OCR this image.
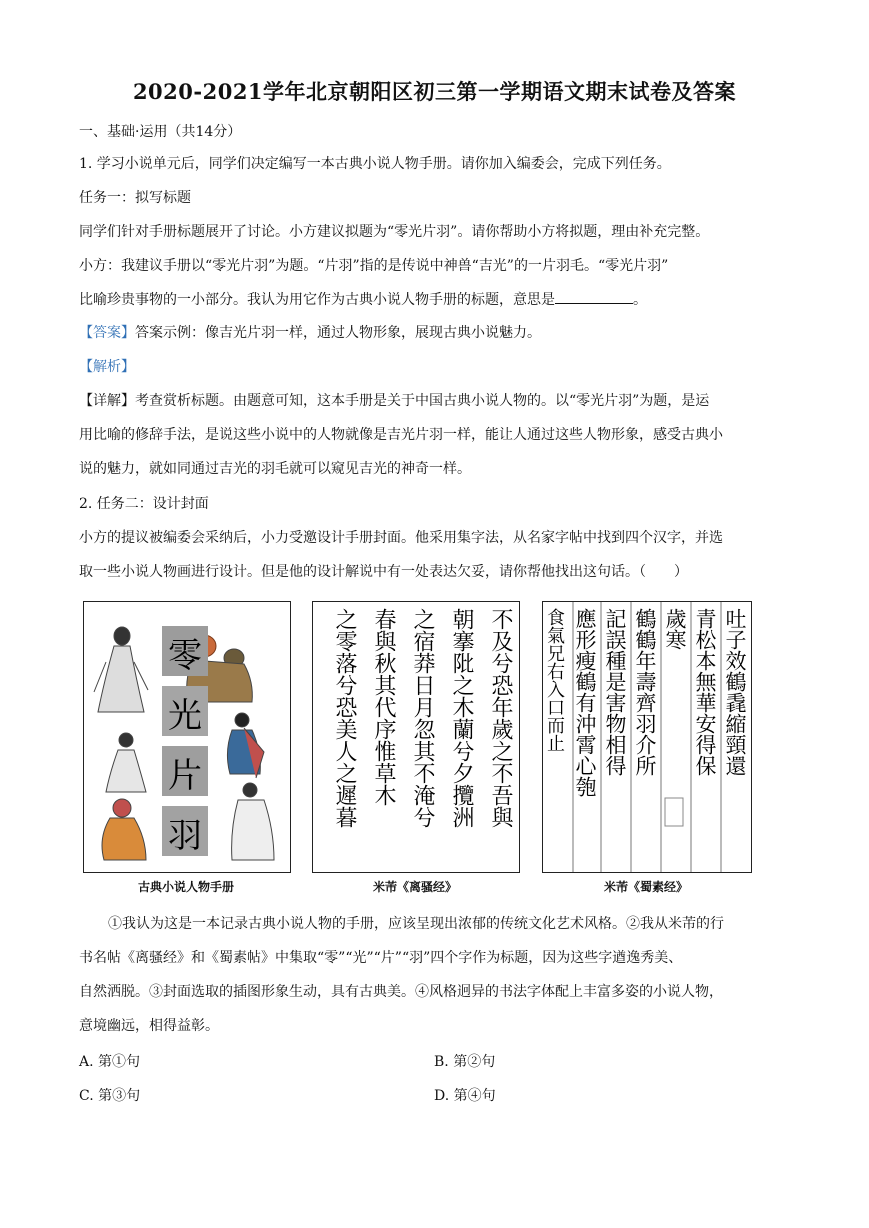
2020-2021学年北京朝阳区初三第一学期语文期末试卷及答案
一、基础·运用（共14分）
1. 学习小说单元后，同学们决定编写一本古典小说人物手册。请你加入编委会，完成下列任务。
任务一：拟写标题
同学们针对手册标题展开了讨论。小方建议拟题为“零光片羽”。请你帮助小方将拟题，理由补充完整。
小方：我建议手册以“零光片羽”为题。“片羽”指的是传说中神兽“吉光”的一片羽毛。“零光片羽”
比喻珍贵事物的一小部分。我认为用它作为古典小说人物手册的标题，意思是	。
【答案】答案示例：像吉光片羽一样，通过人物形象，展现古典小说魅力。
【解析】
【详解】考查赏析标题。由题意可知，这本手册是关于中国古典小说人物的。以“零光片羽”为题，是运
用比喻的修辞手法，是说这些小说中的人物就像是吉光片羽一样，能让人通过这些人物形象，感受古典小
说的魅力，就如同通过吉光的羽毛就可以窥见吉光的神奇一样。
2. 任务二：设计封面
小方的提议被编委会采纳后，小力受邀设计手册封面。他采用集字法，从名家字帖中找到四个汉字，并选
取一些小说人物画进行设计。但是他的设计解说中有一处表达欠妥，请你帮他找出这句话。（　　）
零
光
片
羽
不及兮恐年歲之不吾與
朝搴阰之木蘭兮夕攬洲
之宿莽日月忽其不淹兮
春與秋其代序惟草木
之零落兮恐美人之遲暮	吐子效鶴毳縮頸還
青松本無華安得保
歲寒
鶴鶴年壽齊羽介所
記誤種是害物相得
應形瘦鶴有沖霄心匏
食氣兄右入口而止
古典小说人物手册	米芾《离骚经》	米芾《蜀素经》
①我认为这是一本记录古典小说人物的手册，应该呈现出浓郁的传统文化艺术风格。②我从米芾的行
书名帖《离骚经》和《蜀素帖》中集取“零”“光”“片”“羽”四个字作为标题，因为这些字遒逸秀美、
自然洒脱。③封面选取的插图形象生动，具有古典美。④风格迥异的书法字体配上丰富多姿的小说人物，
意境幽远，相得益彰。
A. 第①句	B. 第②句
C. 第③句	D. 第④句
